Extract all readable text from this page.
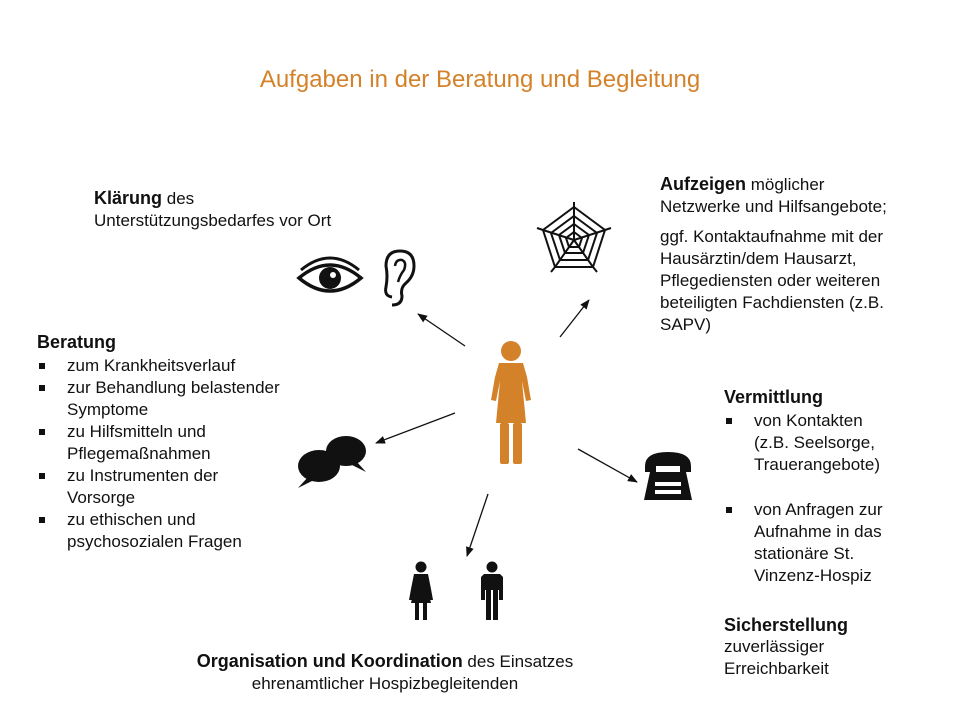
Aufgaben in der Beratung und Begleitung
Klärung des
Unterstützungsbedarfes vor Ort
Aufzeigen möglicher
Netzwerke und Hilfsangebote;
ggf. Kontaktaufnahme mit der
Hausärztin/dem Hausarzt,
Pflegediensten oder weiteren
beteiligten Fachdiensten (z.B.
SAPV)
Beratung
zum Krankheitsverlauf
zur Behandlung belastender
Symptome
zu Hilfsmitteln und
Pflegemaßnahmen
zu Instrumenten der
Vorsorge
zu ethischen und
psychosozialen Fragen
Vermittlung
von Kontakten
(z.B. Seelsorge,
Trauerangebote)
von Anfragen zur
Aufnahme in das
stationäre St.
Vinzenz-Hospiz
Sicherstellung
zuverlässiger
Erreichbarkeit
Organisation und Koordination des Einsatzes
ehrenamtlicher Hospizbegleitenden
